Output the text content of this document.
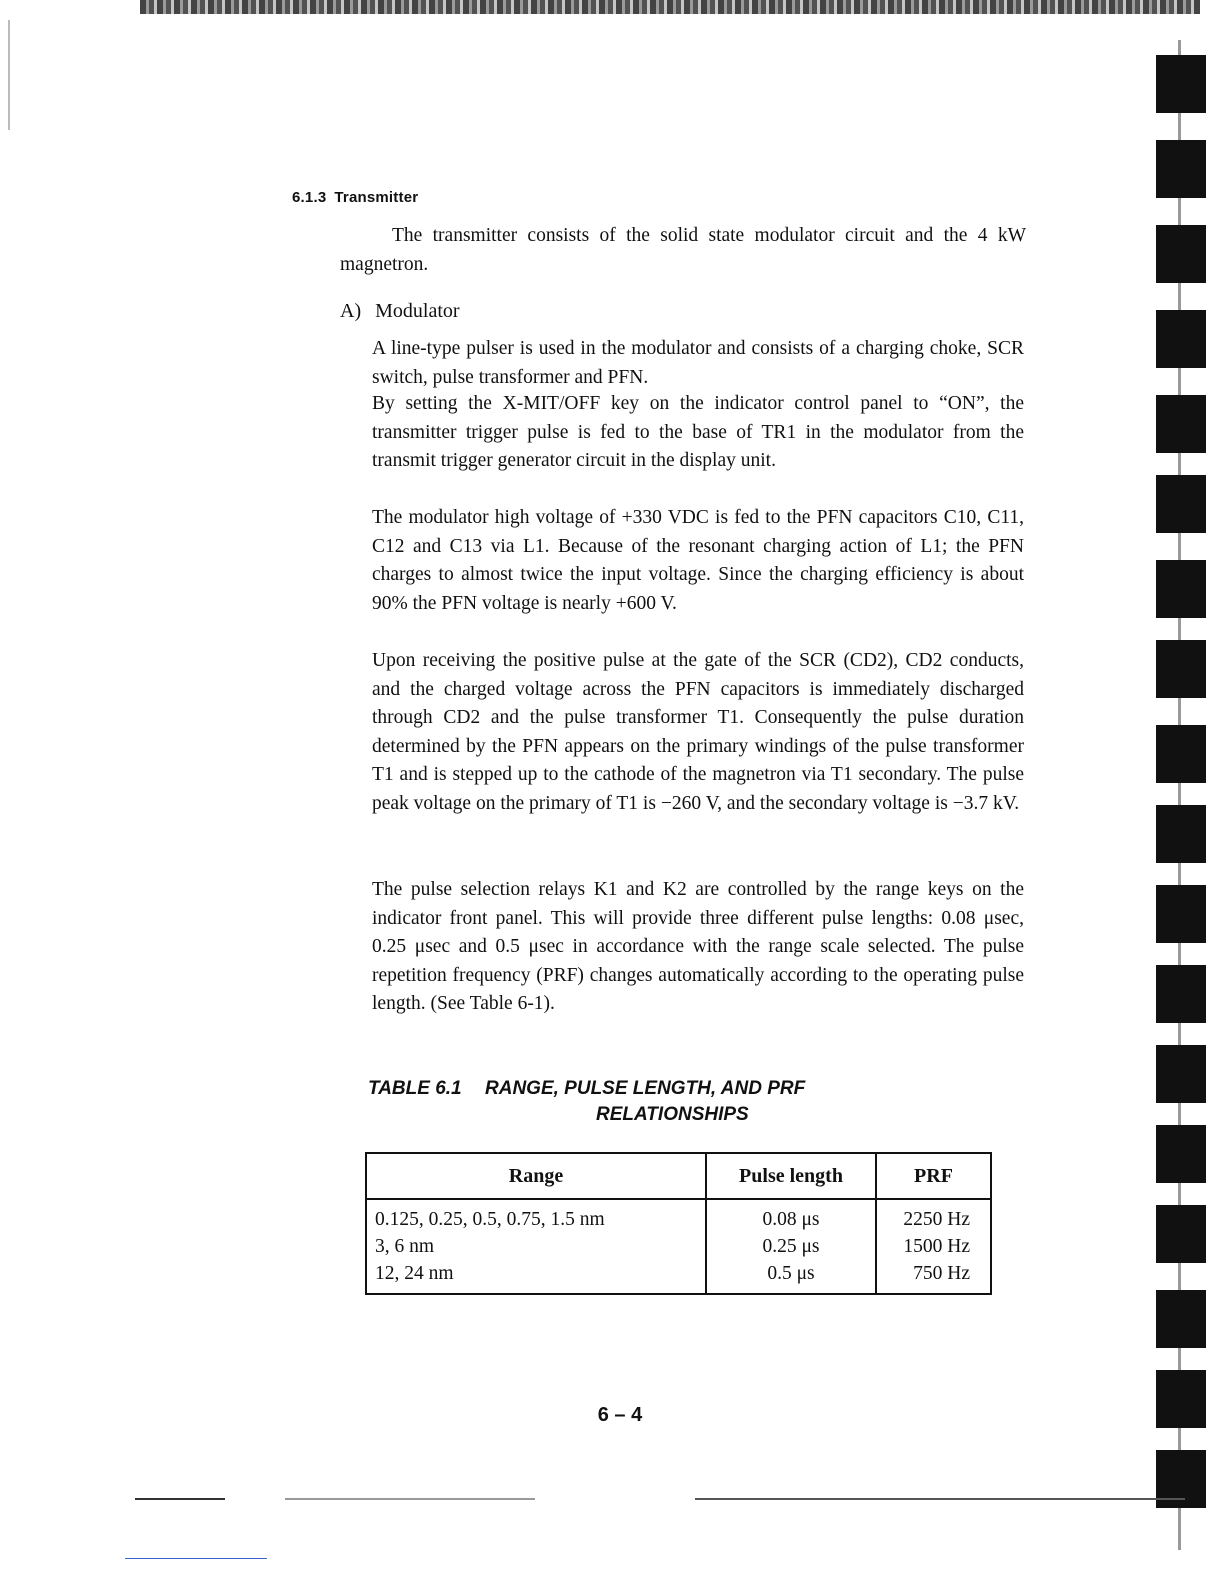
6.1.3 Transmitter

The transmitter consists of the solid state modulator circuit and the 4 kW magnetron.

A) Modulator

A line-type pulser is used in the modulator and consists of a charging choke, SCR switch, pulse transformer and PFN.

By setting the X-MIT/OFF key on the indicator control panel to “ON”, the transmitter trigger pulse is fed to the base of TR1 in the modulator from the transmit trigger generator circuit in the display unit.

The modulator high voltage of +330 VDC is fed to the PFN capacitors C10, C11, C12 and C13 via L1. Because of the resonant charging action of L1; the PFN charges to almost twice the input voltage. Since the charging efficiency is about 90% the PFN voltage is nearly +600 V.

Upon receiving the positive pulse at the gate of the SCR (CD2), CD2 conducts, and the charged voltage across the PFN capacitors is immediately discharged through CD2 and the pulse transformer T1. Consequently the pulse duration determined by the PFN appears on the primary windings of the pulse transformer T1 and is stepped up to the cathode of the magnetron via T1 secondary. The pulse peak voltage on the primary of T1 is −260 V, and the secondary voltage is −3.7 kV.

The pulse selection relays K1 and K2 are controlled by the range keys on the indicator front panel. This will provide three different pulse lengths: 0.08 μsec, 0.25 μsec and 0.5 μsec in accordance with the range scale selected. The pulse repetition frequency (PRF) changes automatically according to the operating pulse length. (See Table 6-1).

TABLE 6.1 RANGE, PULSE LENGTH, AND PRF
RELATIONSHIPS

Range	Pulse length	PRF
0.125, 0.25, 0.5, 0.75, 1.5 nm	0.08 μs	2250 Hz
3, 6 nm	0.25 μs	1500 Hz
12, 24 nm	0.5 μs	750 Hz

6 – 4
